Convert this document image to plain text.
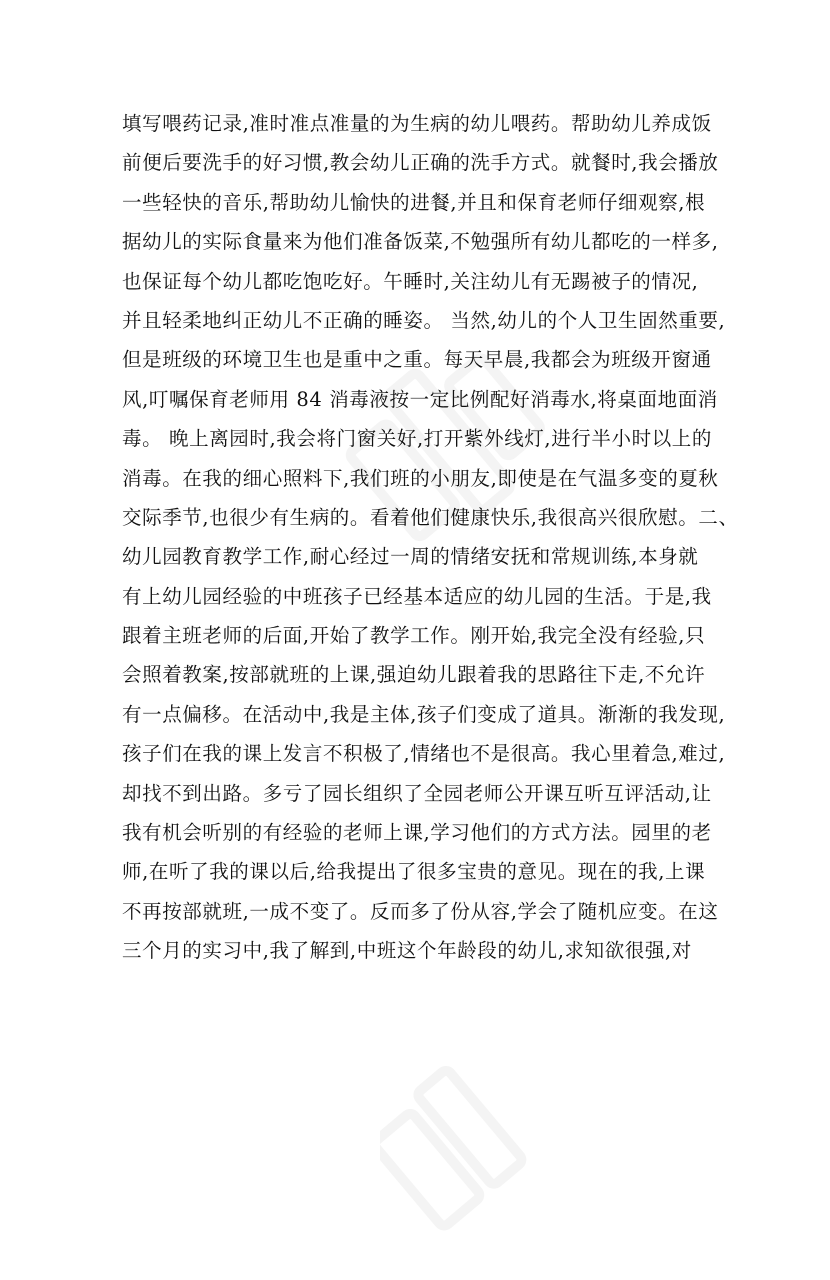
填写喂药记录,准时准点准量的为生病的幼儿喂药。帮助幼儿养成饭
前便后要洗手的好习惯,教会幼儿正确的洗手方式。就餐时,我会播放
一些轻快的音乐,帮助幼儿愉快的进餐,并且和保育老师仔细观察,根
据幼儿的实际食量来为他们准备饭菜,不勉强所有幼儿都吃的一样多,
也保证每个幼儿都吃饱吃好。午睡时,关注幼儿有无踢被子的情况,
并且轻柔地纠正幼儿不正确的睡姿。 当然,幼儿的个人卫生固然重要,
但是班级的环境卫生也是重中之重。每天早晨,我都会为班级开窗通
风,叮嘱保育老师用 84 消毒液按一定比例配好消毒水,将桌面地面消
毒。 晚上离园时,我会将门窗关好,打开紫外线灯,进行半小时以上的
消毒。在我的细心照料下,我们班的小朋友,即使是在气温多变的夏秋
交际季节,也很少有生病的。看着他们健康快乐,我很高兴很欣慰。二、
幼儿园教育教学工作,耐心经过一周的情绪安抚和常规训练,本身就
有上幼儿园经验的中班孩子已经基本适应的幼儿园的生活。于是,我
跟着主班老师的后面,开始了教学工作。刚开始,我完全没有经验,只
会照着教案,按部就班的上课,强迫幼儿跟着我的思路往下走,不允许
有一点偏移。在活动中,我是主体,孩子们变成了道具。渐渐的我发现,
孩子们在我的课上发言不积极了,情绪也不是很高。我心里着急,难过,
却找不到出路。多亏了园长组织了全园老师公开课互听互评活动,让
我有机会听别的有经验的老师上课,学习他们的方式方法。园里的老
师,在听了我的课以后,给我提出了很多宝贵的意见。现在的我,上课
不再按部就班,一成不变了。反而多了份从容,学会了随机应变。在这
三个月的实习中,我了解到,中班这个年龄段的幼儿,求知欲很强,对
